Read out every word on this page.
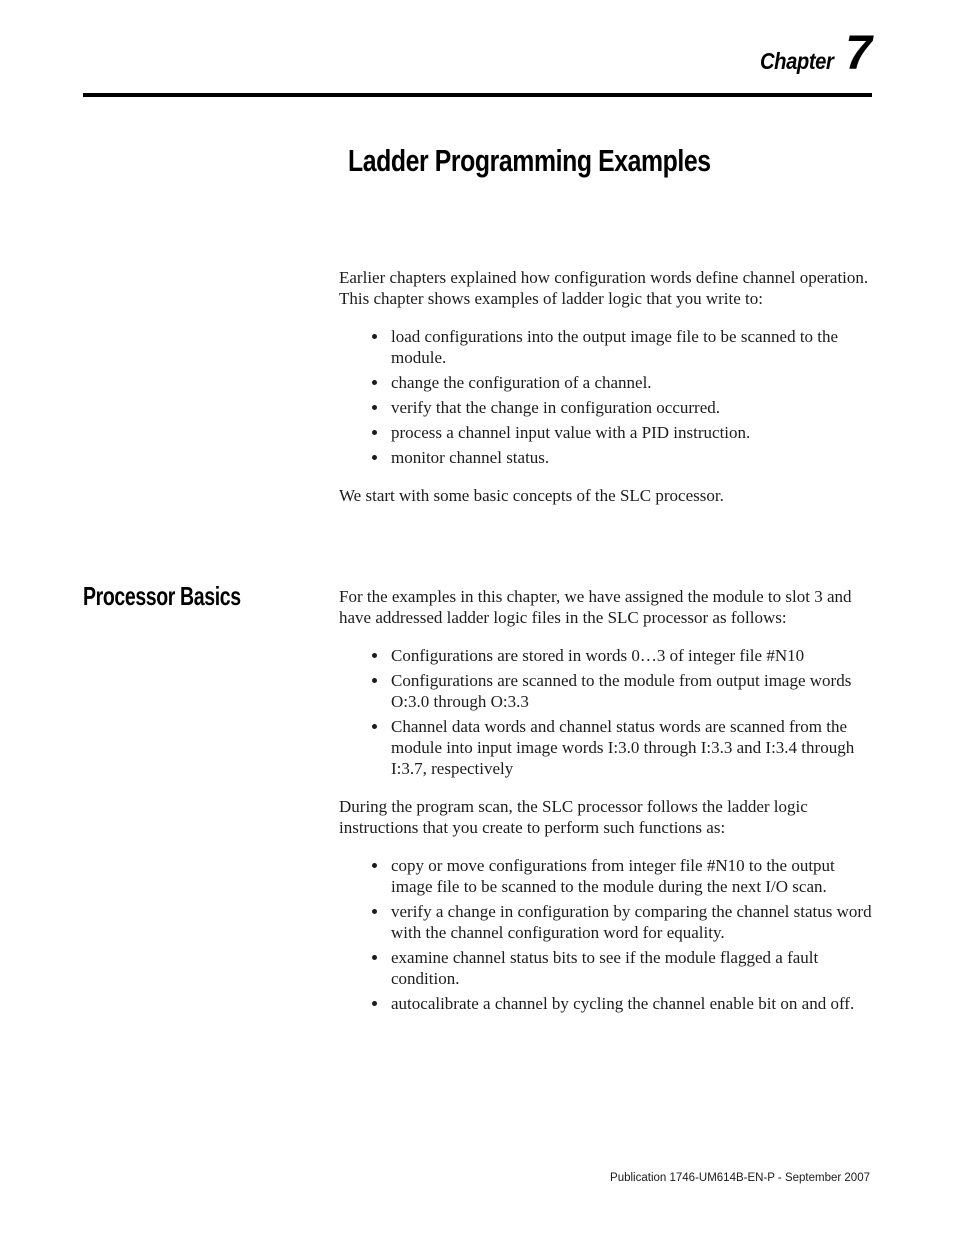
Chapter 7
Ladder Programming Examples

Earlier chapters explained how configuration words define channel operation. This chapter shows examples of ladder logic that you write to:

• load configurations into the output image file to be scanned to the module.
• change the configuration of a channel.
• verify that the change in configuration occurred.
• process a channel input value with a PID instruction.
• monitor channel status.

We start with some basic concepts of the SLC processor.

Processor Basics	For the examples in this chapter, we have assigned the module to slot 3 and have addressed ladder logic files in the SLC processor as follows:

• Configurations are stored in words 0…3 of integer file #N10
• Configurations are scanned to the module from output image words O:3.0 through O:3.3
• Channel data words and channel status words are scanned from the module into input image words I:3.0 through I:3.3 and I:3.4 through I:3.7, respectively

During the program scan, the SLC processor follows the ladder logic instructions that you create to perform such functions as:

• copy or move configurations from integer file #N10 to the output image file to be scanned to the module during the next I/O scan.
• verify a change in configuration by comparing the channel status word with the channel configuration word for equality.
• examine channel status bits to see if the module flagged a fault condition.
• autocalibrate a channel by cycling the channel enable bit on and off.
Publication 1746-UM614B-EN-P - September 2007
